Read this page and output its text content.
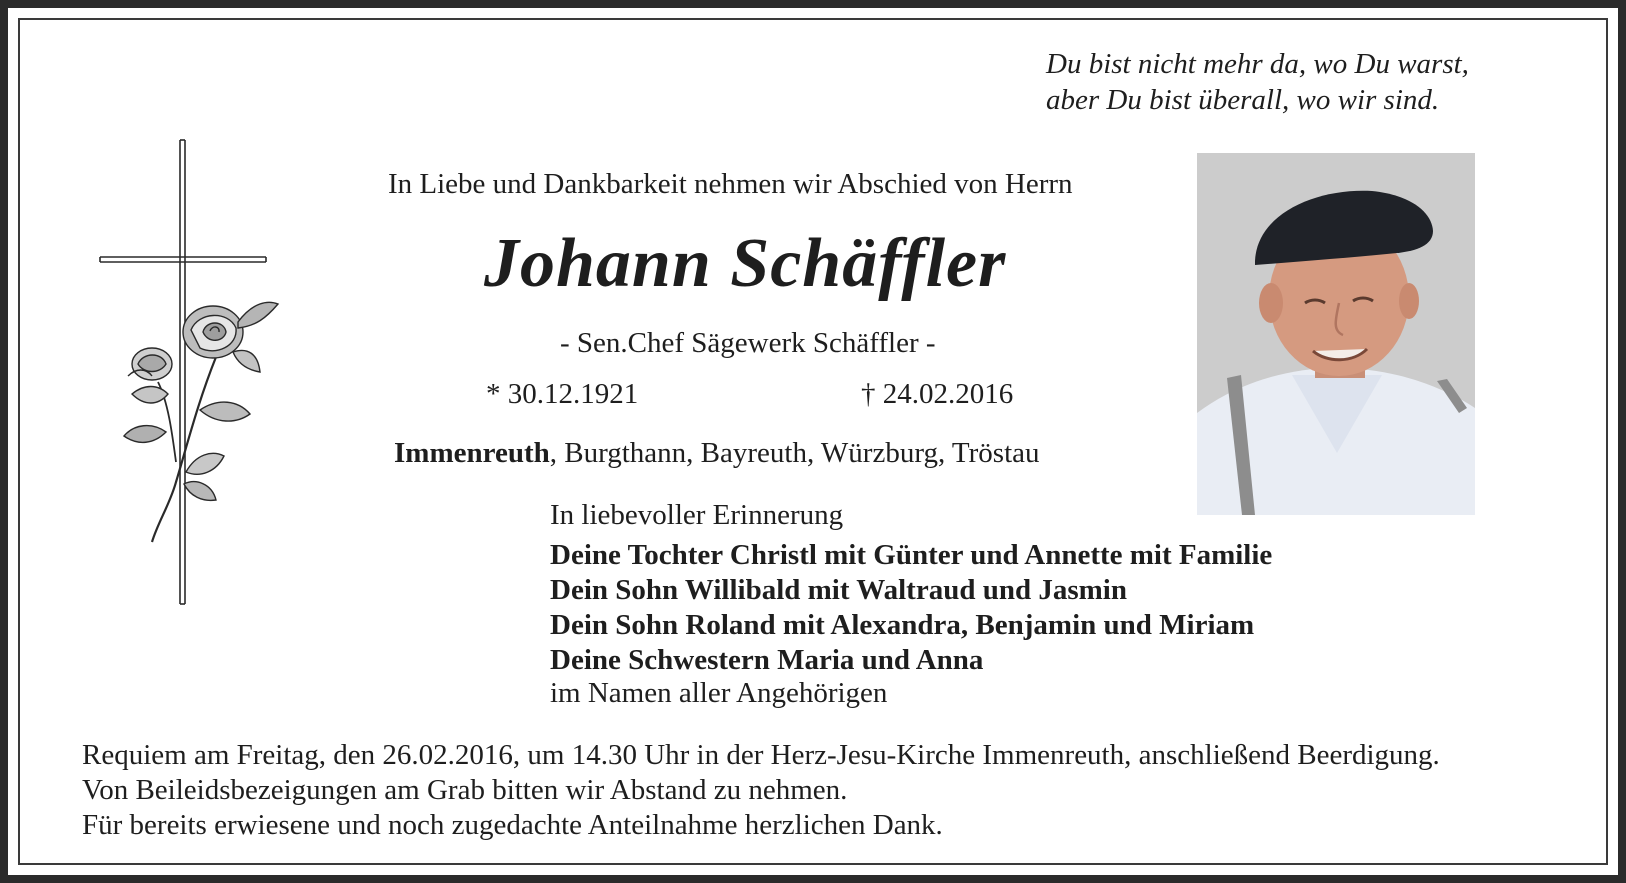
Du bist nicht mehr da, wo Du warst,
aber Du bist überall, wo wir sind.
In Liebe und Dankbarkeit nehmen wir Abschied von Herrn
Johann Schäffler
- Sen.Chef Sägewerk Schäffler -
* 30.12.1921	† 24.02.2016
Immenreuth, Burgthann, Bayreuth, Würzburg, Tröstau
In liebevoller Erinnerung
Deine Tochter Christl mit Günter und Annette mit Familie
Dein Sohn Willibald mit Waltraud und Jasmin
Dein Sohn Roland mit Alexandra, Benjamin und Miriam
Deine Schwestern Maria und Anna
im Namen aller Angehörigen
Requiem am Freitag, den 26.02.2016, um 14.30 Uhr in der Herz-Jesu-Kirche Immenreuth, anschließend Beerdigung.
Von Beileidsbezeigungen am Grab bitten wir Abstand zu nehmen.
Für bereits erwiesene und noch zugedachte Anteilnahme herzlichen Dank.
